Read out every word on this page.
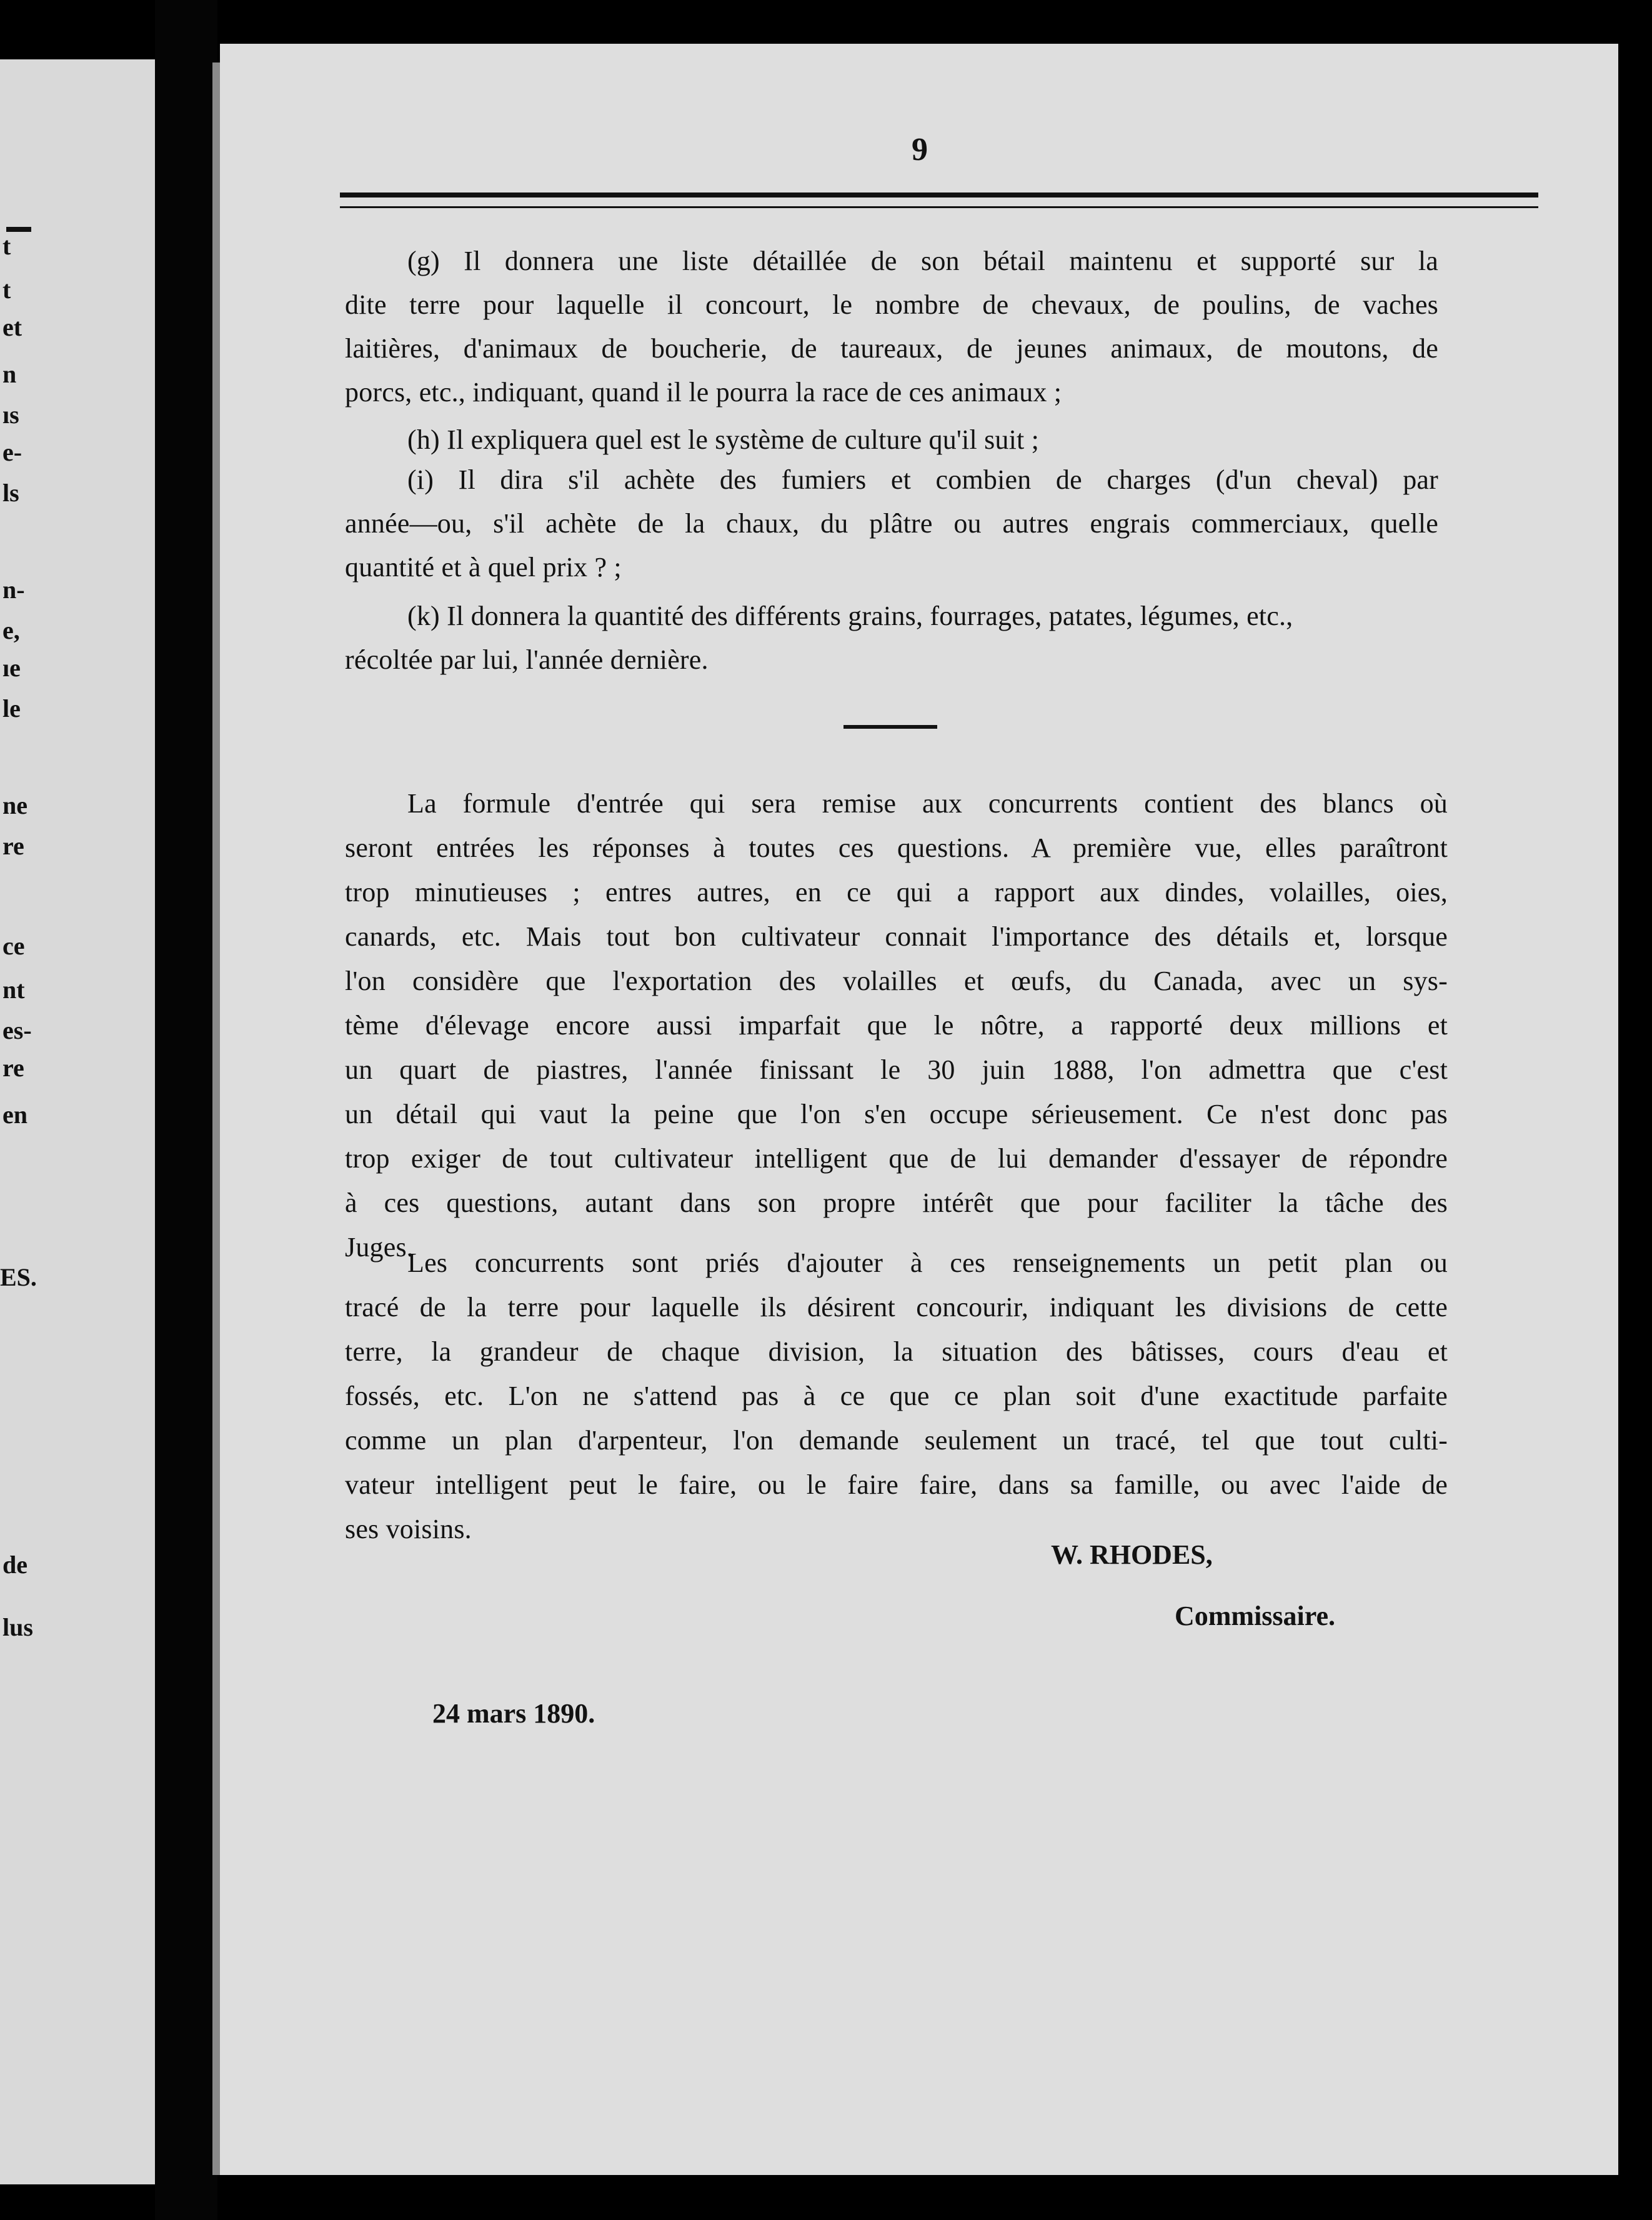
t
t
et
n
ıs
e-
ls
n-
e,
ıe
le
ne
re
ce
nt
es-
re
en
ES.
de
lus
9
(g) Il donnera une liste détaillée de son bétail maintenu et supporté sur la
dite terre pour laquelle il concourt, le nombre de chevaux, de poulins, de vaches
laitières, d'animaux de boucherie, de taureaux, de jeunes animaux, de moutons, de
porcs, etc., indiquant, quand il le pourra la race de ces animaux ;
(h) Il expliquera quel est le système de culture qu'il suit ;
(i) Il dira s'il achète des fumiers et combien de charges (d'un cheval) par
année—ou, s'il achète de la chaux, du plâtre ou autres engrais commerciaux, quelle
quantité et à quel prix ? ;
(k) Il donnera la quantité des différents grains, fourrages, patates, légumes, etc.,
récoltée par lui, l'année dernière.
La formule d'entrée qui sera remise aux concurrents contient des blancs où
seront entrées les réponses à toutes ces questions. A première vue, elles paraîtront
trop minutieuses ; entres autres, en ce qui a rapport aux dindes, volailles, oies,
canards, etc. Mais tout bon cultivateur connait l'importance des détails et, lorsque
l'on considère que l'exportation des volailles et œufs, du Canada, avec un sys-
tème d'élevage encore aussi imparfait que le nôtre, a rapporté deux millions et
un quart de piastres, l'année finissant le 30 juin 1888, l'on admettra que c'est
un détail qui vaut la peine que l'on s'en occupe sérieusement. Ce n'est donc pas
trop exiger de tout cultivateur intelligent que de lui demander d'essayer de répondre
à ces questions, autant dans son propre intérêt que pour faciliter la tâche des
Juges.
Les concurrents sont priés d'ajouter à ces renseignements un petit plan ou
tracé de la terre pour laquelle ils désirent concourir, indiquant les divisions de cette
terre, la grandeur de chaque division, la situation des bâtisses, cours d'eau et
fossés, etc. L'on ne s'attend pas à ce que ce plan soit d'une exactitude parfaite
comme un plan d'arpenteur, l'on demande seulement un tracé, tel que tout culti-
vateur intelligent peut le faire, ou le faire faire, dans sa famille, ou avec l'aide de
ses voisins.
W. RHODES,
Commissaire.
24 mars 1890.
